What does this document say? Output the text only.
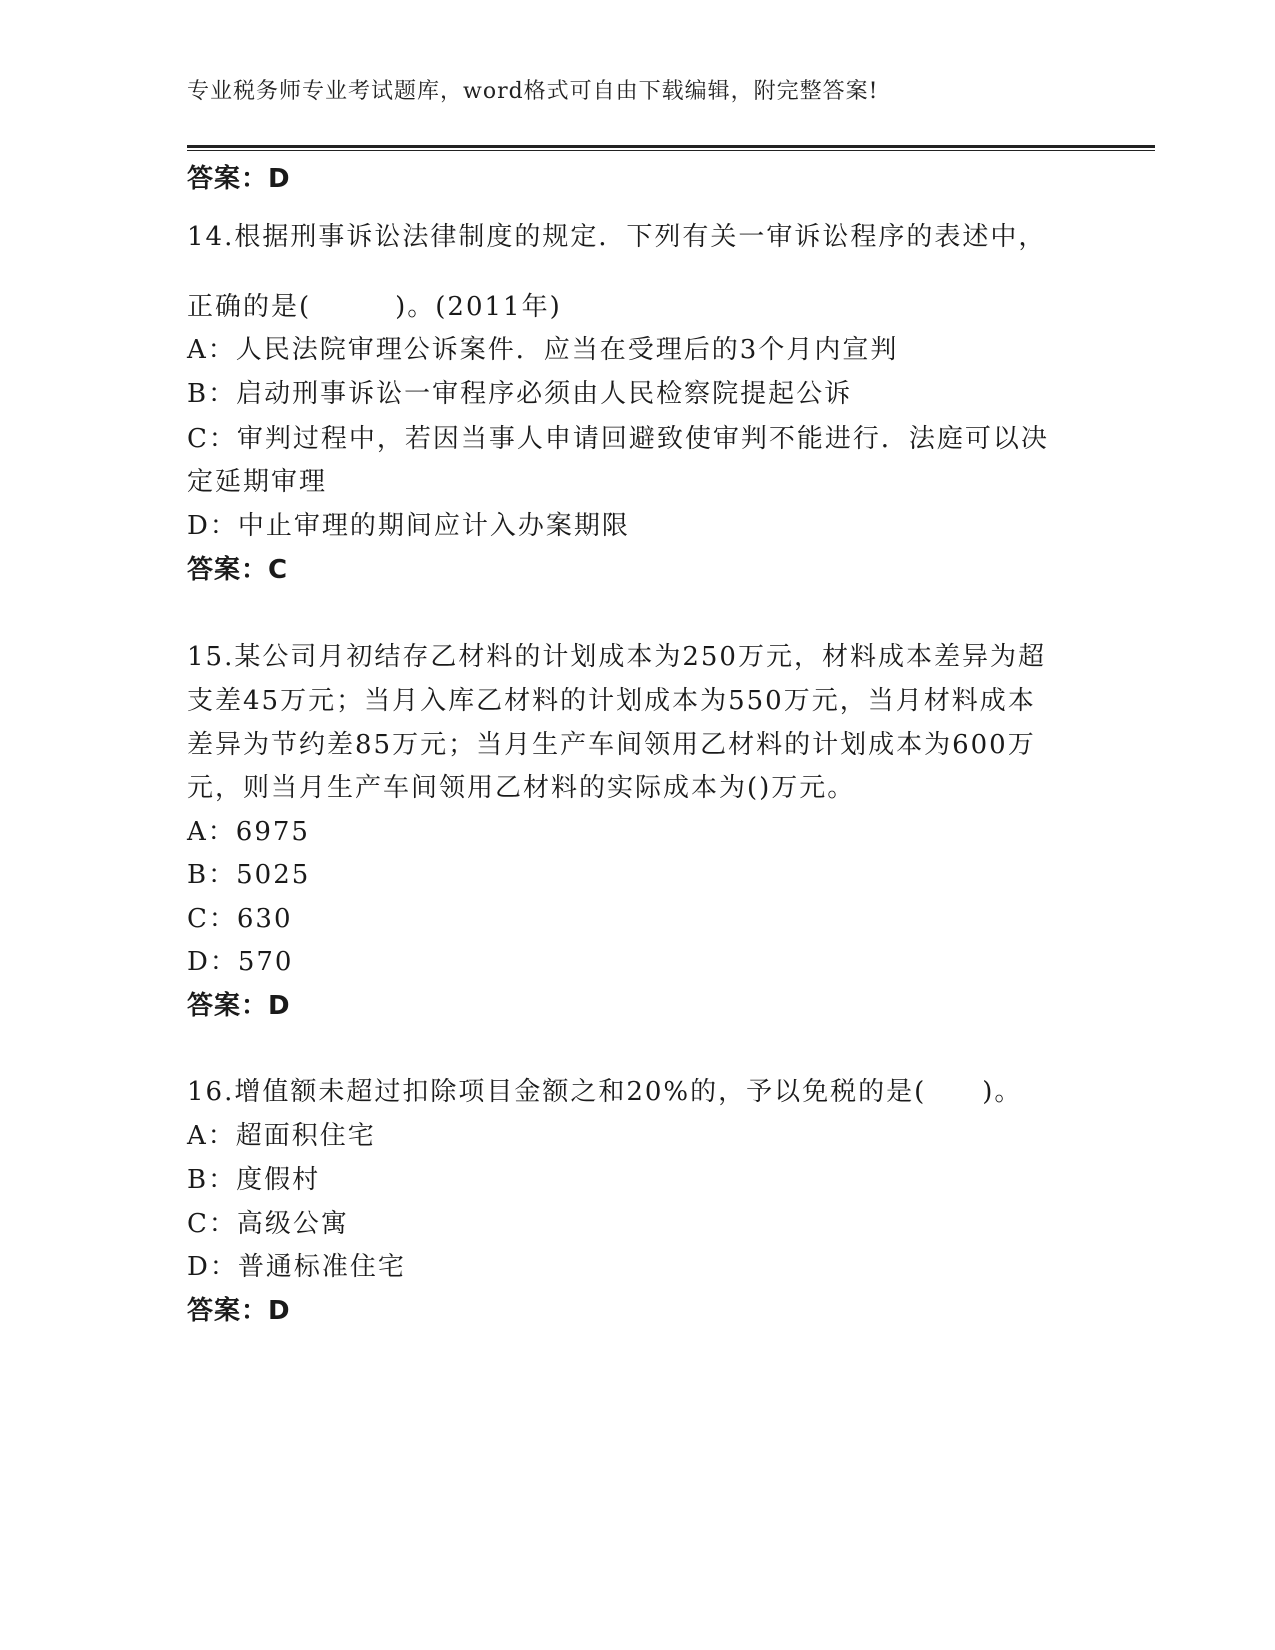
专业税务师专业考试题库，word格式可自由下载编辑，附完整答案!
答案：D
14.根据刑事诉讼法律制度的规定．下列有关一审诉讼程序的表述中，
正确的是(　　　)。(2011年)
A：人民法院审理公诉案件．应当在受理后的3个月内宣判
B：启动刑事诉讼一审程序必须由人民检察院提起公诉
C：审判过程中，若因当事人申请回避致使审判不能进行．法庭可以决
定延期审理
D：中止审理的期间应计入办案期限
答案：C
15.某公司月初结存乙材料的计划成本为250万元，材料成本差异为超
支差45万元；当月入库乙材料的计划成本为550万元，当月材料成本
差异为节约差85万元；当月生产车间领用乙材料的计划成本为600万
元，则当月生产车间领用乙材料的实际成本为()万元。
A：6975
B：5025
C：630
D：570
答案：D
16.增值额未超过扣除项目金额之和20%的，予以免税的是(　　)。
A：超面积住宅
B：度假村
C：高级公寓
D：普通标准住宅
答案：D
